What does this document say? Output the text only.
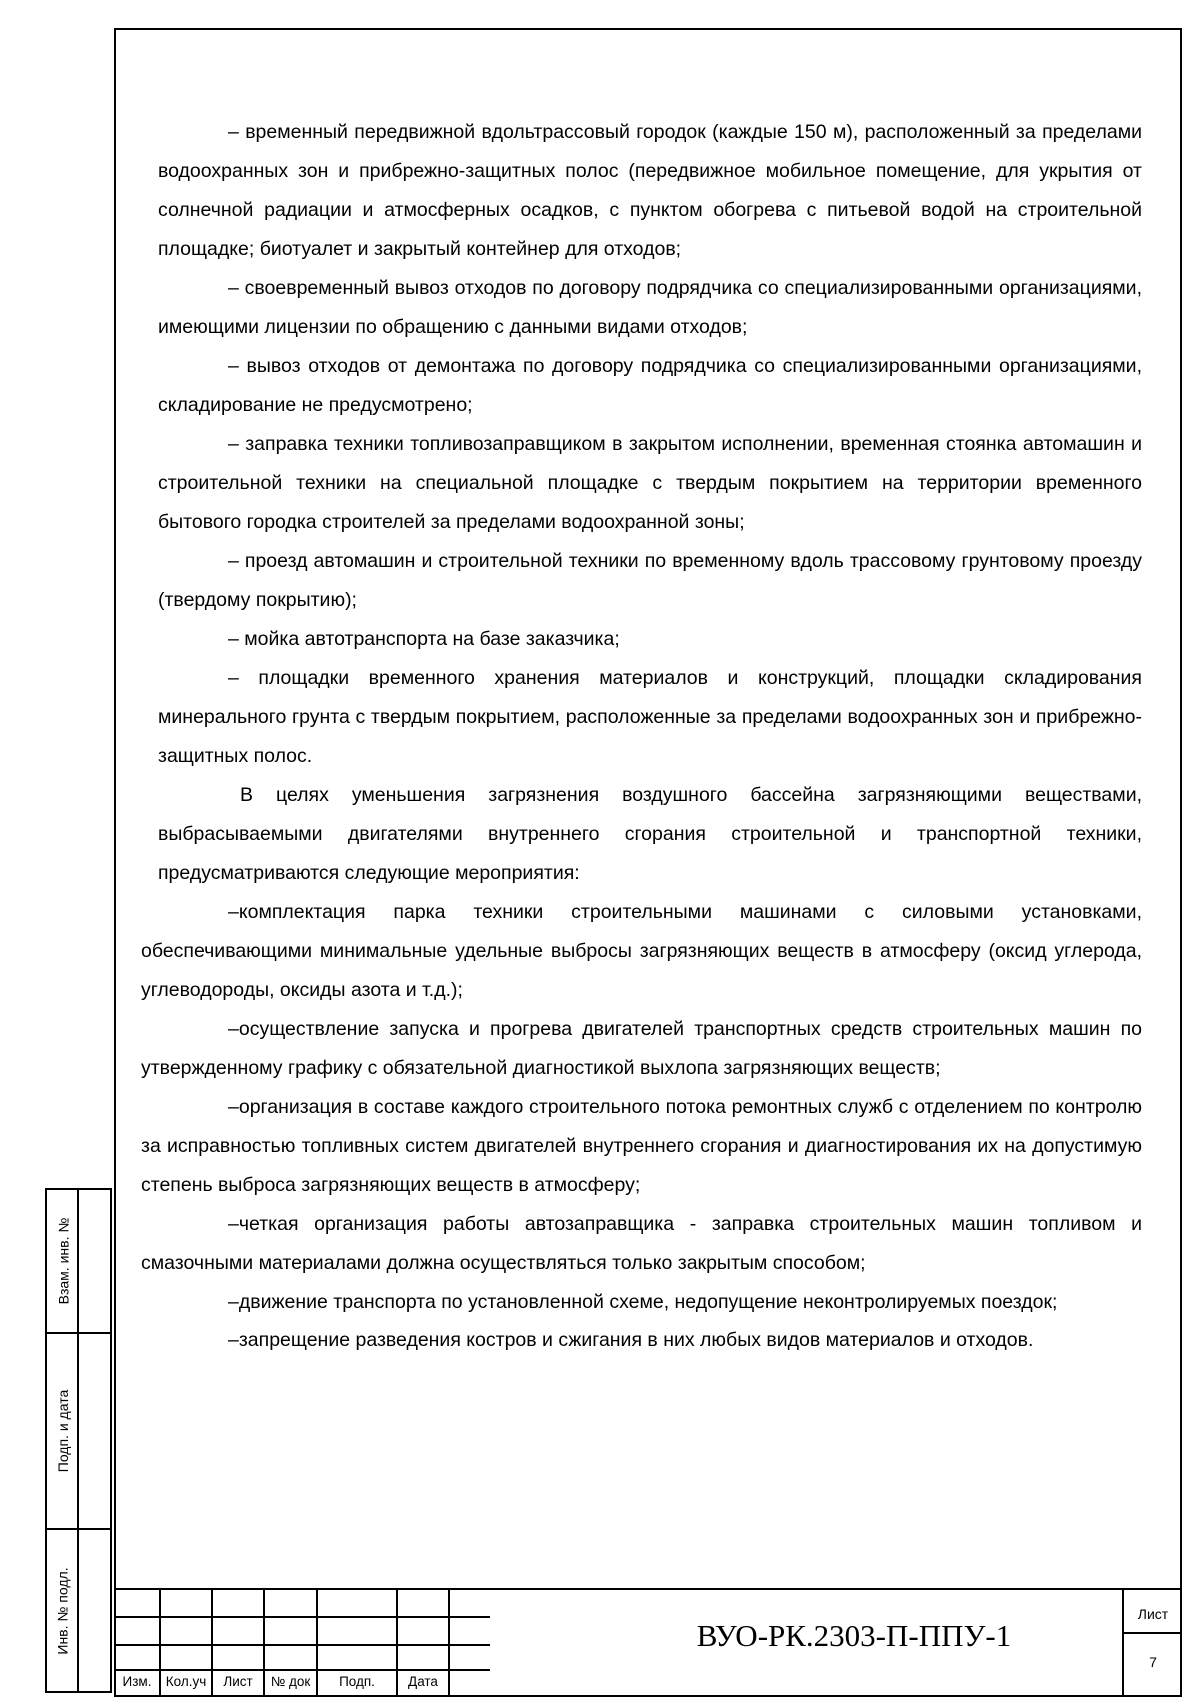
– временный передвижной вдольтрассовый городок (каждые 150 м), расположенный за пределами водоохранных зон и прибрежно-защитных полос (передвижное мобильное помещение, для укрытия от солнечной радиации и атмосферных осадков, с пунктом обогрева с питьевой водой на строительной площадке; биотуалет и закрытый контейнер для отходов;

– своевременный вывоз отходов по договору подрядчика со специализированными организациями, имеющими лицензии по обращению с данными видами отходов;

– вывоз отходов от демонтажа по договору подрядчика со специализированными организациями, складирование не предусмотрено;

– заправка техники топливозаправщиком в закрытом исполнении, временная стоянка автомашин и строительной техники на специальной площадке с твердым покрытием на территории временного бытового городка строителей за пределами водоохранной зоны;

– проезд автомашин и строительной техники по временному вдоль трассовому грунтовому проезду (твердому покрытию);

– мойка автотранспорта на базе заказчика;

– площадки временного хранения материалов и конструкций, площадки складирования минерального грунта с твердым покрытием, расположенные за пределами водоохранных зон и прибрежно-защитных полос.

В целях уменьшения загрязнения воздушного бассейна загрязняющими веществами, выбрасываемыми двигателями внутреннего сгорания строительной и транспортной техники, предусматриваются следующие мероприятия:

–комплектация парка техники строительными машинами с силовыми установками, обеспечивающими минимальные удельные выбросы загрязняющих веществ в атмосферу (оксид углерода, углеводороды, оксиды азота и т.д.);

–осуществление запуска и прогрева двигателей транспортных средств строительных машин по утвержденному графику с обязательной диагностикой выхлопа загрязняющих веществ;

–организация в составе каждого строительного потока ремонтных служб с отделением по контролю за исправностью топливных систем двигателей внутреннего сгорания и диагностирования их на допустимую степень выброса загрязняющих веществ в атмосферу;

–четкая организация работы автозаправщика - заправка строительных машин топливом и смазочными материалами должна осуществляться только закрытым способом;

–движение транспорта по установленной схеме, недопущение неконтролируемых поездок;

–запрещение разведения костров и сжигания в них любых видов материалов и отходов.

Взам. инв. №
Подп. и дата
Инв. № подл.
Изм.	Кол.уч	Лист	№ док	Подп.	Дата
ВУО-РК.2303-П-ППУ-1
Лист
7
